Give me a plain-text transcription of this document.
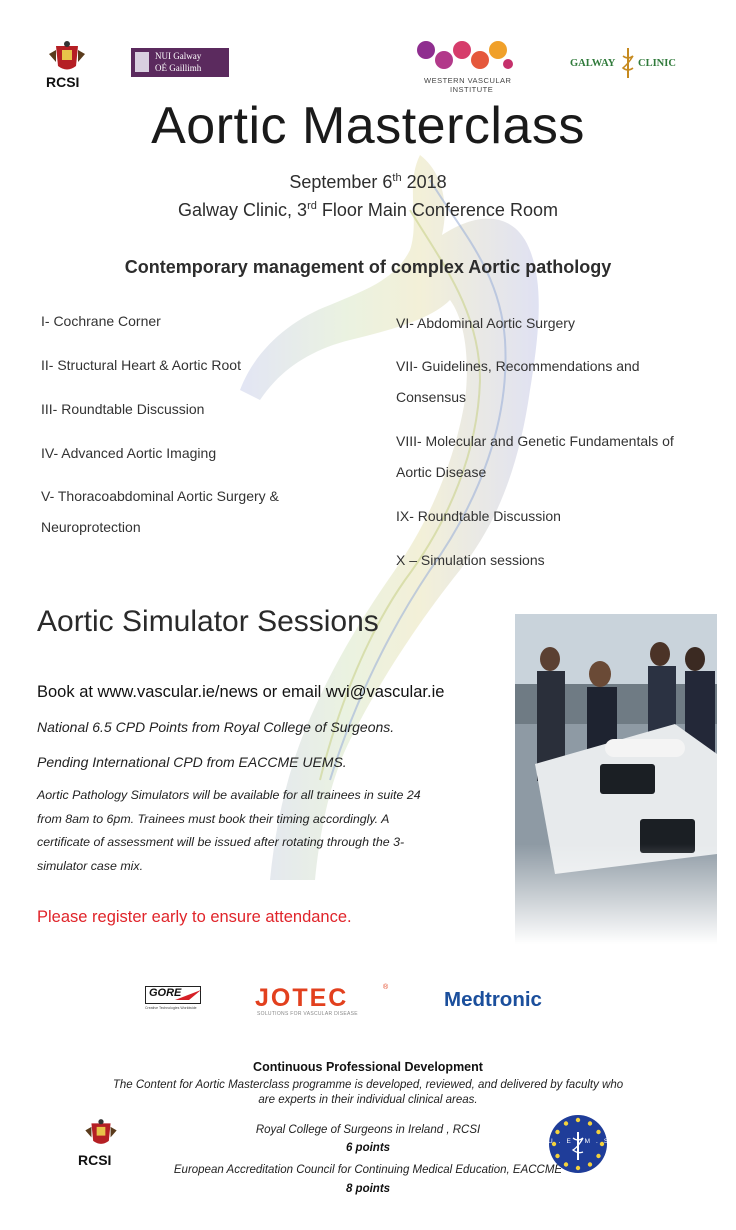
RCSI
NUI Galway
OÉ Gaillimh
WESTERN VASCULAR
INSTITUTE
GALWAY CLINIC
Aortic Masterclass
September 6th 2018
Galway Clinic, 3rd Floor Main Conference Room
Contemporary management of complex Aortic pathology
I- Cochrane Corner
II- Structural Heart & Aortic Root
III- Roundtable Discussion
IV- Advanced Aortic Imaging
V- Thoracoabdominal Aortic Surgery &
Neuroprotection
VI- Abdominal Aortic Surgery
VII- Guidelines, Recommendations and
Consensus
VIII- Molecular and Genetic Fundamentals of
Aortic Disease
IX- Roundtable Discussion
X – Simulation sessions
Aortic Simulator Sessions
Book at www.vascular.ie/news or email wvi@vascular.ie
National 6.5 CPD Points from Royal College of Surgeons.
Pending International CPD from EACCME UEMS.
Aortic Pathology Simulators will be available for all trainees in suite 24
from 8am to 6pm. Trainees must book their timing accordingly. A
certificate of assessment will be issued after rotating through the 3-
simulator case mix.
Please register early to ensure attendance.
GORE
Creative Technologies Worldwide	JOTEC	®
SOLUTIONS FOR VASCULAR DISEASE
Medtronic
Continuous Professional Development
The Content for Aortic Masterclass programme is developed, reviewed, and delivered by faculty who
are experts in their individual clinical areas.
Royal College of Surgeons in Ireland , RCSI
6 points
European Accreditation Council for Continuing Medical Education, EACCME
8 points
RCSI
U.E.M.S.
